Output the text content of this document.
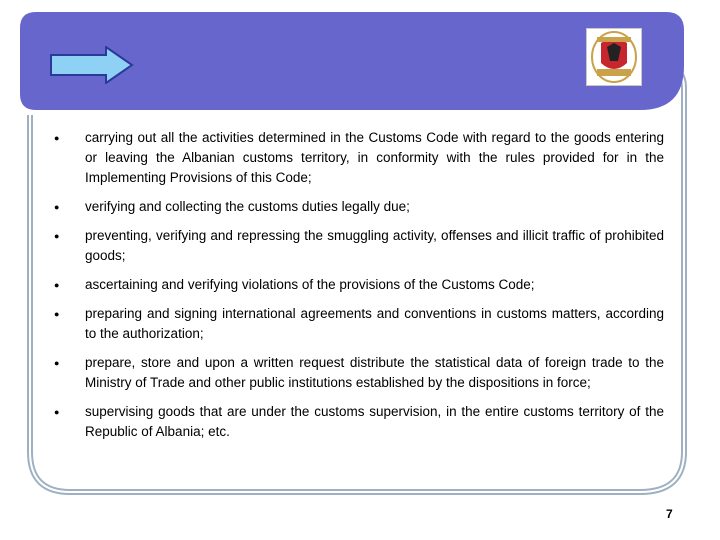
●	carrying out all the activities determined in the Customs Code with regard to the goods entering or leaving the Albanian customs territory, in conformity with the rules provided for in the Implementing Provisions of this Code;
●	verifying and collecting the customs duties legally due;
●	preventing, verifying and repressing the smuggling activity, offenses and illicit traffic of prohibited goods;
●	ascertaining and verifying violations of the provisions of the Customs Code;
●	preparing and signing international agreements and conventions in customs matters, according to the authorization;
●	prepare, store and upon a written request distribute the statistical data of foreign trade to the Ministry of Trade and other public institutions established by the dispositions in force;
●	supervising goods that are under the customs supervision, in the entire customs territory of the Republic of Albania; etc.
7
